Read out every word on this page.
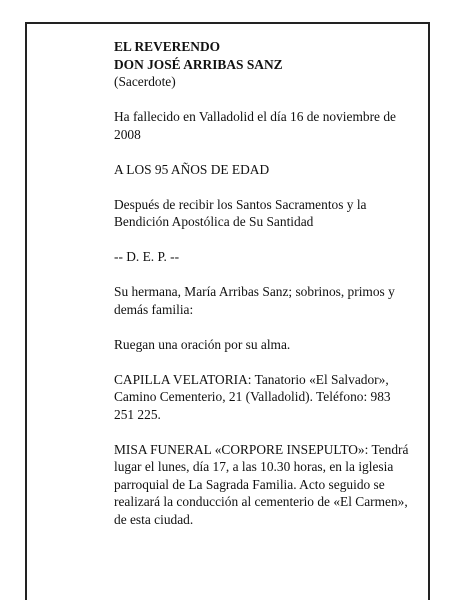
EL REVERENDO
DON JOSÉ ARRIBAS SANZ
(Sacerdote)

Ha fallecido en Valladolid el día 16 de noviembre de 2008

A LOS 95 AÑOS DE EDAD

Después de recibir los Santos Sacramentos y la Bendición Apostólica de Su Santidad

-- D. E. P. --

Su hermana, María Arribas Sanz; sobrinos, primos y demás familia:

Ruegan una oración por su alma.

CAPILLA VELATORIA: Tanatorio «El Salvador», Camino Cementerio, 21 (Valladolid). Teléfono: 983 251 225.

MISA FUNERAL «CORPORE INSEPULTO»: Tendrá lugar el lunes, día 17, a las 10.30 horas, en la iglesia parroquial de La Sagrada Familia. Acto seguido se realizará la conducción al cementerio de «El Carmen», de esta ciudad.
